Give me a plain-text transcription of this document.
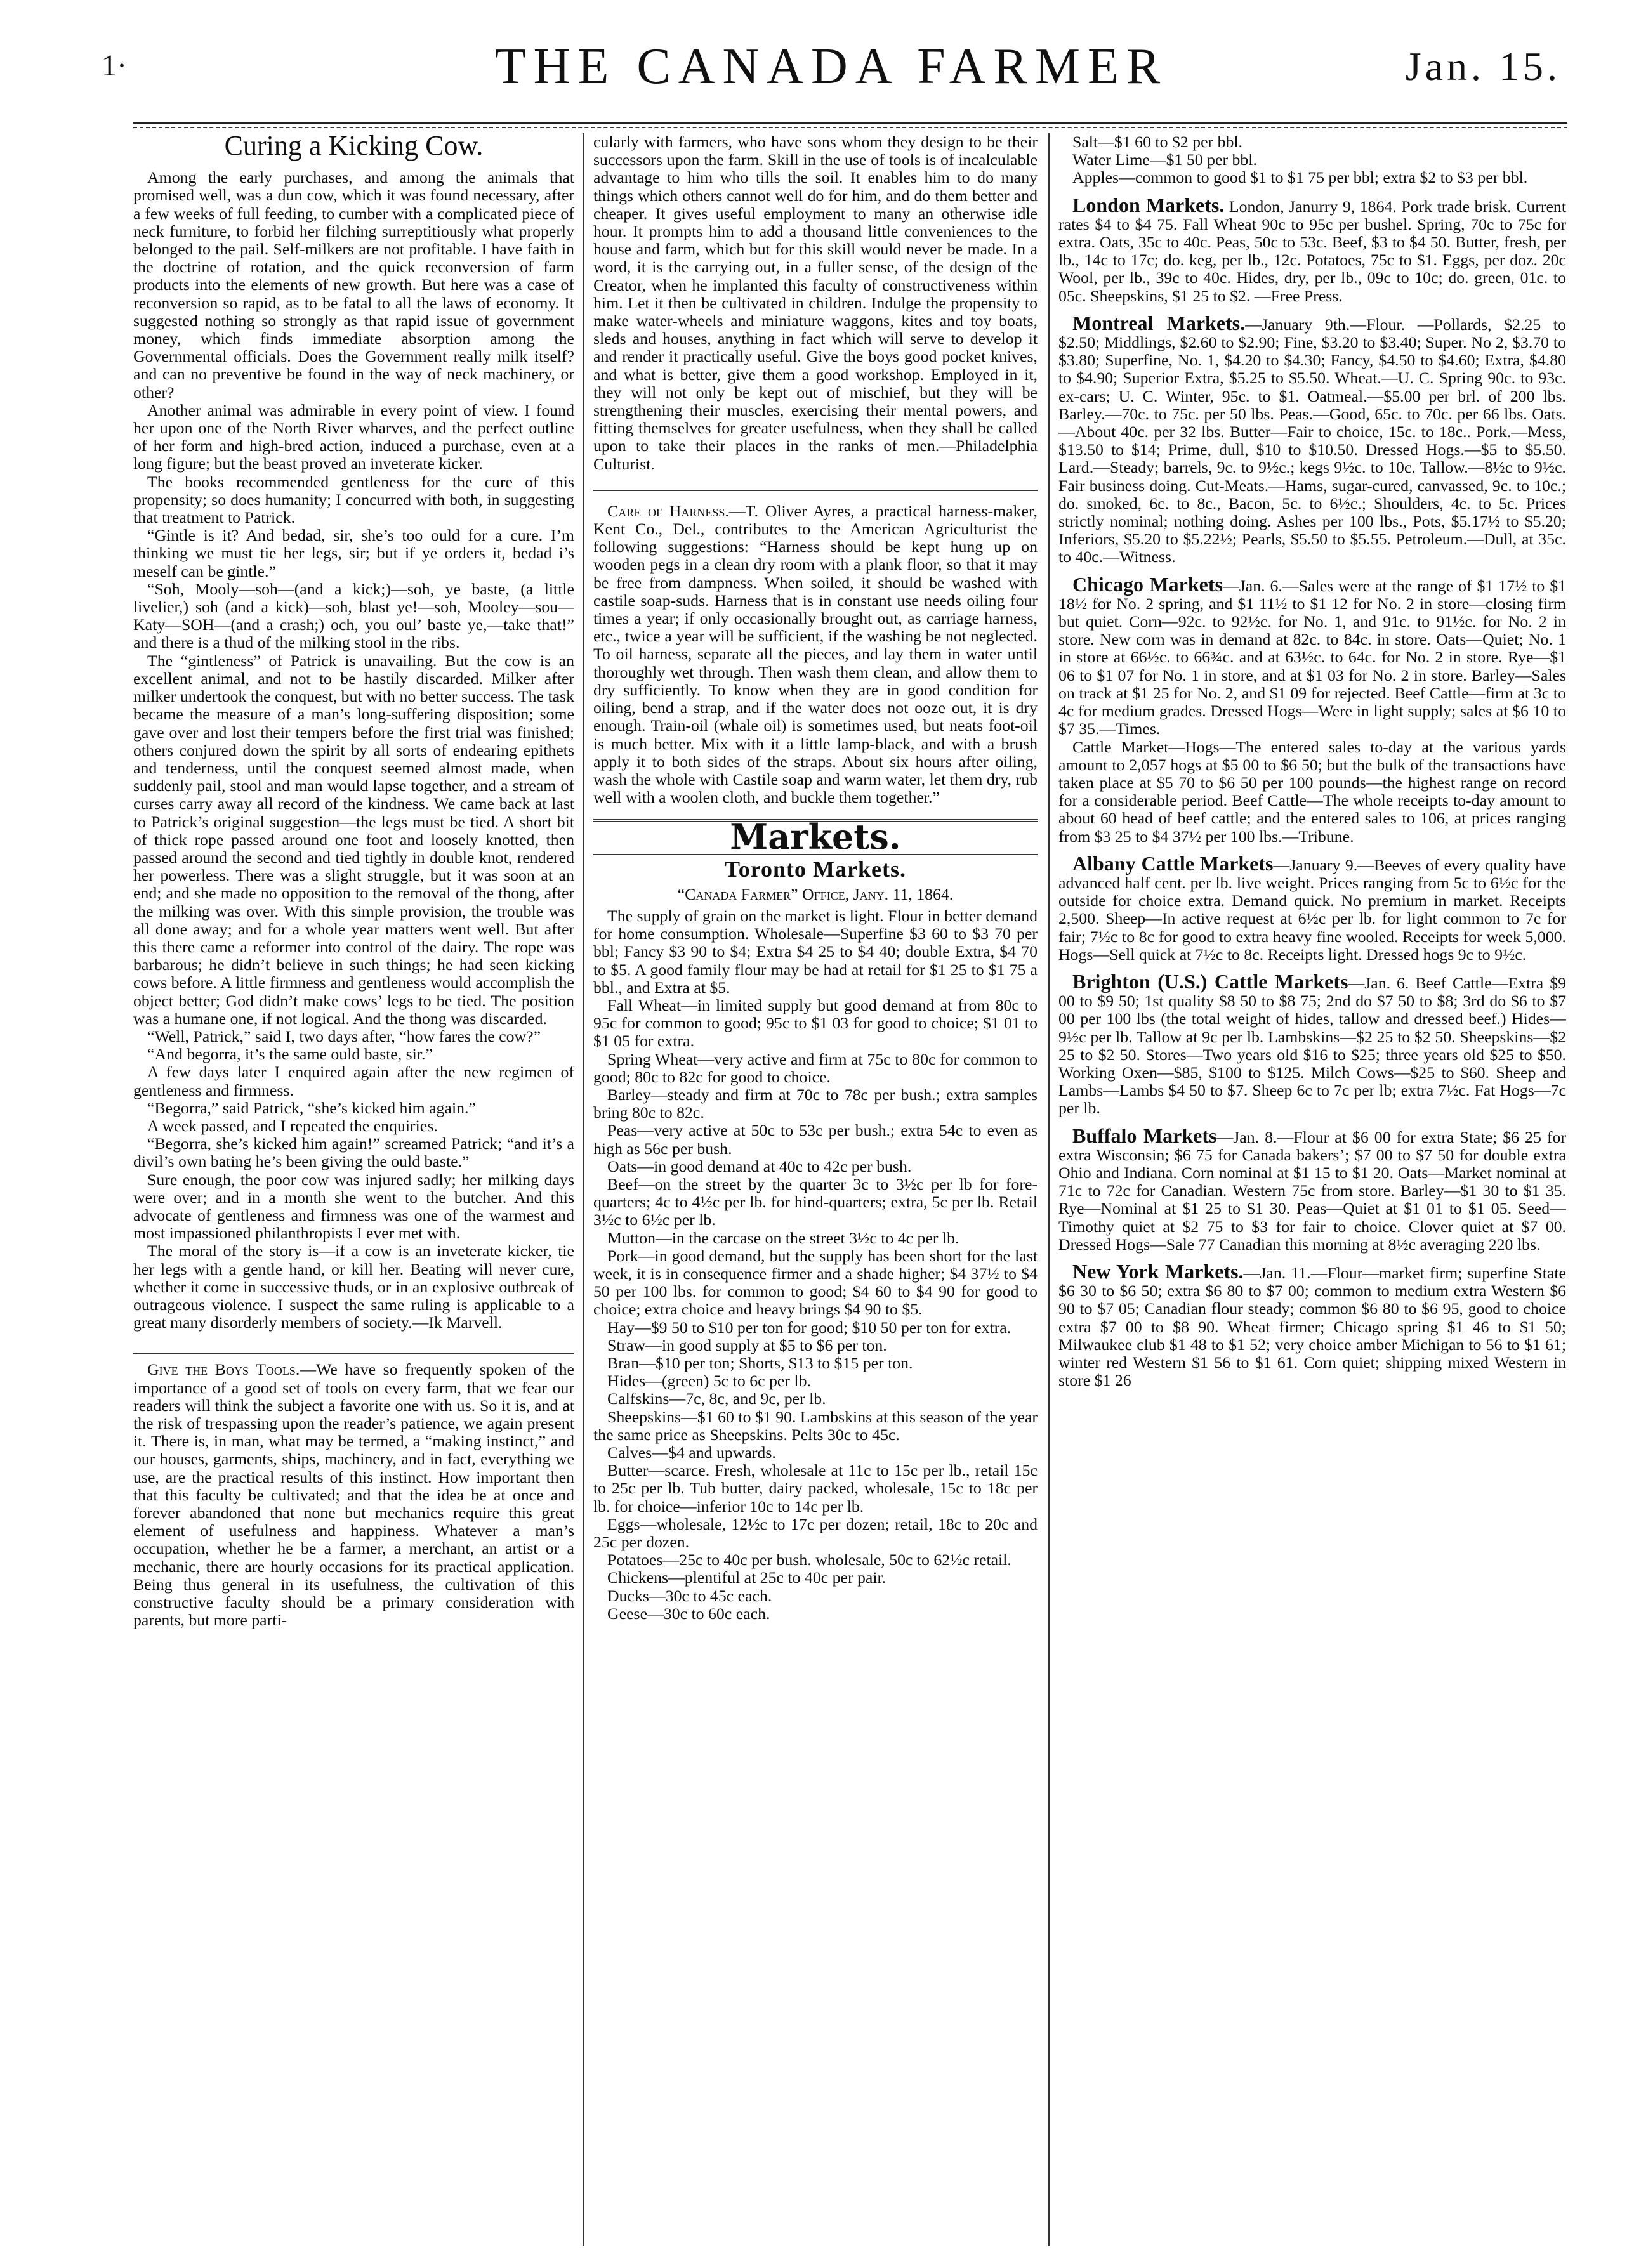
1·	THE CANADA FARMER	Jan. 15.
Curing a Kicking Cow.

Among the early purchases, and among the animals that promised well, was a dun cow, which it was found necessary, after a few weeks of full feeding, to cumber with a complicated piece of neck furniture, to forbid her filching surreptitiously what properly belonged to the pail. Self-milkers are not profitable. I have faith in the doctrine of rotation, and the quick reconversion of farm products into the elements of new growth. But here was a case of reconversion so rapid, as to be fatal to all the laws of economy. It suggested nothing so strongly as that rapid issue of government money, which finds immediate absorption among the Governmental officials. Does the Government really milk itself? and can no preventive be found in the way of neck machinery, or other?

Another animal was admirable in every point of view. I found her upon one of the North River wharves, and the perfect outline of her form and high-bred action, induced a purchase, even at a long figure; but the beast proved an inveterate kicker.

The books recommended gentleness for the cure of this propensity; so does humanity; I concurred with both, in suggesting that treatment to Patrick.

“Gintle is it? And bedad, sir, she’s too ould for a cure. I’m thinking we must tie her legs, sir; but if ye orders it, bedad i’s meself can be gintle.”

“Soh, Mooly—soh—(and a kick;)—soh, ye baste, (a little livelier,) soh (and a kick)—soh, blast ye!—soh, Mooley—sou—Katy—SOH—(and a crash;) och, you oul’ baste ye,—take that!” and there is a thud of the milking stool in the ribs.

The “gintleness” of Patrick is unavailing. But the cow is an excellent animal, and not to be hastily discarded. Milker after milker undertook the conquest, but with no better success. The task became the measure of a man’s long-suffering disposition; some gave over and lost their tempers before the first trial was finished; others conjured down the spirit by all sorts of endearing epithets and tenderness, until the conquest seemed almost made, when suddenly pail, stool and man would lapse together, and a stream of curses carry away all record of the kindness. We came back at last to Patrick’s original suggestion—the legs must be tied. A short bit of thick rope passed around one foot and loosely knotted, then passed around the second and tied tightly in double knot, rendered her powerless. There was a slight struggle, but it was soon at an end; and she made no opposition to the removal of the thong, after the milking was over. With this simple provision, the trouble was all done away; and for a whole year matters went well. But after this there came a reformer into control of the dairy. The rope was barbarous; he didn’t believe in such things; he had seen kicking cows before. A little firmness and gentleness would accomplish the object better; God didn’t make cows’ legs to be tied. The position was a humane one, if not logical. And the thong was discarded.

“Well, Patrick,” said I, two days after, “how fares the cow?”

“And begorra, it’s the same ould baste, sir.”

A few days later I enquired again after the new regimen of gentleness and firmness.

“Begorra,” said Patrick, “she’s kicked him again.”

A week passed, and I repeated the enquiries.

“Begorra, she’s kicked him again!” screamed Patrick; “and it’s a divil’s own bating he’s been giving the ould baste.”

Sure enough, the poor cow was injured sadly; her milking days were over; and in a month she went to the butcher. And this advocate of gentleness and firmness was one of the warmest and most impassioned philanthropists I ever met with.

The moral of the story is—if a cow is an inveterate kicker, tie her legs with a gentle hand, or kill her. Beating will never cure, whether it come in successive thuds, or in an explosive outbreak of outrageous violence. I suspect the same ruling is applicable to a great many disorderly members of society.—Ik Marvell.

Give the Boys Tools.—We have so frequently spoken of the importance of a good set of tools on every farm, that we fear our readers will think the subject a favorite one with us. So it is, and at the risk of trespassing upon the reader’s patience, we again present it. There is, in man, what may be termed, a “making instinct,” and our houses, garments, ships, machinery, and in fact, everything we use, are the practical results of this instinct. How important then that this faculty be cultivated; and that the idea be at once and forever abandoned that none but mechanics require this great element of usefulness and happiness. Whatever a man’s occupation, whether he be a farmer, a merchant, an artist or a mechanic, there are hourly occasions for its practical application. Being thus general in its usefulness, the cultivation of this constructive faculty should be a primary consideration with parents, but more parti-

cularly with farmers, who have sons whom they design to be their successors upon the farm. Skill in the use of tools is of incalculable advantage to him who tills the soil. It enables him to do many things which others cannot well do for him, and do them better and cheaper. It gives useful employment to many an otherwise idle hour. It prompts him to add a thousand little conveniences to the house and farm, which but for this skill would never be made. In a word, it is the carrying out, in a fuller sense, of the design of the Creator, when he implanted this faculty of constructiveness within him. Let it then be cultivated in children. Indulge the propensity to make water-wheels and miniature waggons, kites and toy boats, sleds and houses, anything in fact which will serve to develop it and render it practically useful. Give the boys good pocket knives, and what is better, give them a good workshop. Employed in it, they will not only be kept out of mischief, but they will be strengthening their muscles, exercising their mental powers, and fitting themselves for greater usefulness, when they shall be called upon to take their places in the ranks of men.—Philadelphia Culturist.

Care of Harness.—T. Oliver Ayres, a practical harness-maker, Kent Co., Del., contributes to the American Agriculturist the following suggestions: “Harness should be kept hung up on wooden pegs in a clean dry room with a plank floor, so that it may be free from dampness. When soiled, it should be washed with castile soap-suds. Harness that is in constant use needs oiling four times a year; if only occasionally brought out, as carriage harness, etc., twice a year will be sufficient, if the washing be not neglected. To oil harness, separate all the pieces, and lay them in water until thoroughly wet through. Then wash them clean, and allow them to dry sufficiently. To know when they are in good condition for oiling, bend a strap, and if the water does not ooze out, it is dry enough. Train-oil (whale oil) is sometimes used, but neats foot-oil is much better. Mix with it a little lamp-black, and with a brush apply it to both sides of the straps. About six hours after oiling, wash the whole with Castile soap and warm water, let them dry, rub well with a woolen cloth, and buckle them together.”

Markets.
Toronto Markets.
“Canada Farmer” Office, Jany. 11, 1864.

The supply of grain on the market is light. Flour in better demand for home consumption. Wholesale—Superfine $3 60 to $3 70 per bbl; Fancy $3 90 to $4; Extra $4 25 to $4 40; double Extra, $4 70 to $5. A good family flour may be had at retail for $1 25 to $1 75 a bbl., and Extra at $5.

Fall Wheat—in limited supply but good demand at from 80c to 95c for common to good; 95c to $1 03 for good to choice; $1 01 to $1 05 for extra.

Spring Wheat—very active and firm at 75c to 80c for common to good; 80c to 82c for good to choice.

Barley—steady and firm at 70c to 78c per bush.; extra samples bring 80c to 82c.

Peas—very active at 50c to 53c per bush.; extra 54c to even as high as 56c per bush.

Oats—in good demand at 40c to 42c per bush.

Beef—on the street by the quarter 3c to 3½c per lb for fore-quarters; 4c to 4½c per lb. for hind-quarters; extra, 5c per lb. Retail 3½c to 6½c per lb.

Mutton—in the carcase on the street 3½c to 4c per lb.

Pork—in good demand, but the supply has been short for the last week, it is in consequence firmer and a shade higher; $4 37½ to $4 50 per 100 lbs. for common to good; $4 60 to $4 90 for good to choice; extra choice and heavy brings $4 90 to $5.

Hay—$9 50 to $10 per ton for good; $10 50 per ton for extra.

Straw—in good supply at $5 to $6 per ton.

Bran—$10 per ton; Shorts, $13 to $15 per ton.

Hides—(green) 5c to 6c per lb.

Calfskins—7c, 8c, and 9c, per lb.

Sheepskins—$1 60 to $1 90. Lambskins at this season of the year the same price as Sheepskins. Pelts 30c to 45c.

Calves—$4 and upwards.

Butter—scarce. Fresh, wholesale at 11c to 15c per lb., retail 15c to 25c per lb. Tub butter, dairy packed, wholesale, 15c to 18c per lb. for choice—inferior 10c to 14c per lb.

Eggs—wholesale, 12½c to 17c per dozen; retail, 18c to 20c and 25c per dozen.

Potatoes—25c to 40c per bush. wholesale, 50c to 62½c retail.

Chickens—plentiful at 25c to 40c per pair.

Ducks—30c to 45c each.

Geese—30c to 60c each.

Salt—$1 60 to $2 per bbl.

Water Lime—$1 50 per bbl.

Apples—common to good $1 to $1 75 per bbl; extra $2 to $3 per bbl.

London Markets. London, Janurry 9, 1864. Pork trade brisk. Current rates $4 to $4 75. Fall Wheat 90c to 95c per bushel. Spring, 70c to 75c for extra. Oats, 35c to 40c. Peas, 50c to 53c. Beef, $3 to $4 50. Butter, fresh, per lb., 14c to 17c; do. keg, per lb., 12c. Potatoes, 75c to $1. Eggs, per doz. 20c Wool, per lb., 39c to 40c. Hides, dry, per lb., 09c to 10c; do. green, 01c. to 05c. Sheepskins, $1 25 to $2. —Free Press.

Montreal Markets.—January 9th.—Flour. —Pollards, $2.25 to $2.50; Middlings, $2.60 to $2.90; Fine, $3.20 to $3.40; Super. No 2, $3.70 to $3.80; Superfine, No. 1, $4.20 to $4.30; Fancy, $4.50 to $4.60; Extra, $4.80 to $4.90; Superior Extra, $5.25 to $5.50. Wheat.—U. C. Spring 90c. to 93c. ex-cars; U. C. Winter, 95c. to $1. Oatmeal.—$5.00 per brl. of 200 lbs. Barley.—70c. to 75c. per 50 lbs. Peas.—Good, 65c. to 70c. per 66 lbs. Oats.—About 40c. per 32 lbs. Butter—Fair to choice, 15c. to 18c.. Pork.—Mess, $13.50 to $14; Prime, dull, $10 to $10.50. Dressed Hogs.—$5 to $5.50. Lard.—Steady; barrels, 9c. to 9½c.; kegs 9½c. to 10c. Tallow.—8½c to 9½c. Fair business doing. Cut-Meats.—Hams, sugar-cured, canvassed, 9c. to 10c.; do. smoked, 6c. to 8c., Bacon, 5c. to 6½c.; Shoulders, 4c. to 5c. Prices strictly nominal; nothing doing. Ashes per 100 lbs., Pots, $5.17½ to $5.20; Inferiors, $5.20 to $5.22½; Pearls, $5.50 to $5.55. Petroleum.—Dull, at 35c. to 40c.—Witness.

Chicago Markets—Jan. 6.—Sales were at the range of $1 17½ to $1 18½ for No. 2 spring, and $1 11½ to $1 12 for No. 2 in store—closing firm but quiet. Corn—92c. to 92½c. for No. 1, and 91c. to 91½c. for No. 2 in store. New corn was in demand at 82c. to 84c. in store. Oats—Quiet; No. 1 in store at 66½c. to 66¾c. and at 63½c. to 64c. for No. 2 in store. Rye—$1 06 to $1 07 for No. 1 in store, and at $1 03 for No. 2 in store. Barley—Sales on track at $1 25 for No. 2, and $1 09 for rejected. Beef Cattle—firm at 3c to 4c for medium grades. Dressed Hogs—Were in light supply; sales at $6 10 to $7 35.—Times.

Cattle Market—Hogs—The entered sales to-day at the various yards amount to 2,057 hogs at $5 00 to $6 50; but the bulk of the transactions have taken place at $5 70 to $6 50 per 100 pounds—the highest range on record for a considerable period. Beef Cattle—The whole receipts to-day amount to about 60 head of beef cattle; and the entered sales to 106, at prices ranging from $3 25 to $4 37½ per 100 lbs.—Tribune.

Albany Cattle Markets—January 9.—Beeves of every quality have advanced half cent. per lb. live weight. Prices ranging from 5c to 6½c for the outside for choice extra. Demand quick. No premium in market. Receipts 2,500. Sheep—In active request at 6½c per lb. for light common to 7c for fair; 7½c to 8c for good to extra heavy fine wooled. Receipts for week 5,000. Hogs—Sell quick at 7½c to 8c. Receipts light. Dressed hogs 9c to 9½c.

Brighton (U.S.) Cattle Markets—Jan. 6. Beef Cattle—Extra $9 00 to $9 50; 1st quality $8 50 to $8 75; 2nd do $7 50 to $8; 3rd do $6 to $7 00 per 100 lbs (the total weight of hides, tallow and dressed beef.) Hides—9½c per lb. Tallow at 9c per lb. Lambskins—$2 25 to $2 50. Sheepskins—$2 25 to $2 50. Stores—Two years old $16 to $25; three years old $25 to $50. Working Oxen—$85, $100 to $125. Milch Cows—$25 to $60. Sheep and Lambs—Lambs $4 50 to $7. Sheep 6c to 7c per lb; extra 7½c. Fat Hogs—7c per lb.

Buffalo Markets—Jan. 8.—Flour at $6 00 for extra State; $6 25 for extra Wisconsin; $6 75 for Canada bakers’; $7 00 to $7 50 for double extra Ohio and Indiana. Corn nominal at $1 15 to $1 20. Oats—Market nominal at 71c to 72c for Canadian. Western 75c from store. Barley—$1 30 to $1 35. Rye—Nominal at $1 25 to $1 30. Peas—Quiet at $1 01 to $1 05. Seed—Timothy quiet at $2 75 to $3 for fair to choice. Clover quiet at $7 00. Dressed Hogs—Sale 77 Canadian this morning at 8½c averaging 220 lbs.

New York Markets.—Jan. 11.—Flour—market firm; superfine State $6 30 to $6 50; extra $6 80 to $7 00; common to medium extra Western $6 90 to $7 05; Canadian flour steady; common $6 80 to $6 95, good to choice extra $7 00 to $8 90. Wheat firmer; Chicago spring $1 46 to $1 50; Milwaukee club $1 48 to $1 52; very choice amber Michigan to 56 to $1 61; winter red Western $1 56 to $1 61. Corn quiet; shipping mixed Western in store $1 26
